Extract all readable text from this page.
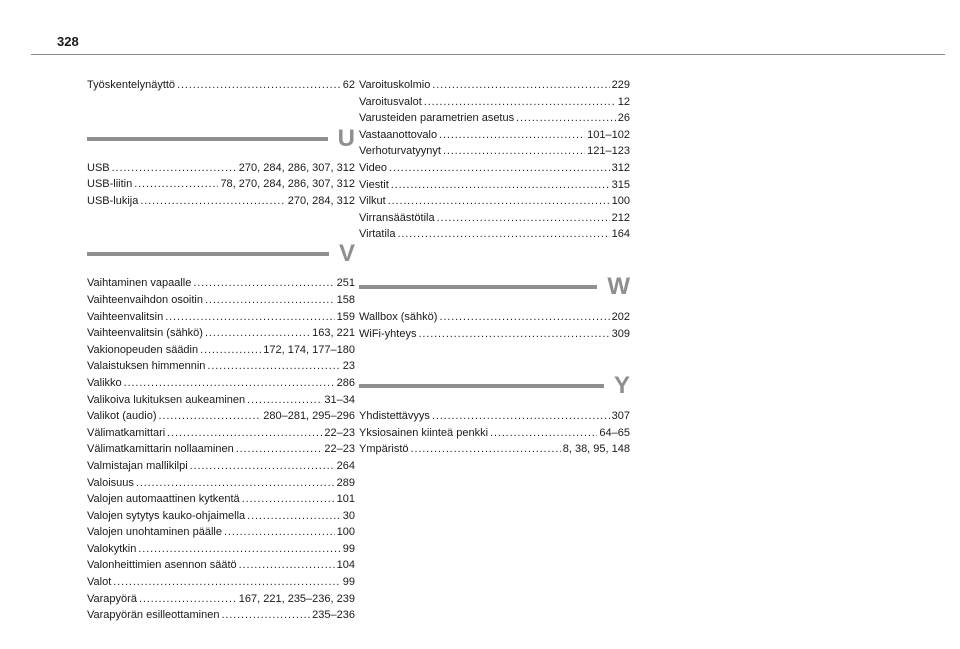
328
Työskentelynäyttö . . .	62
U
USB . . .	270, 284, 286, 307, 312
USB-liitin . . .	78, 270, 284, 286, 307, 312
USB-lukija . . .	270, 284, 312
V
Vaihtaminen vapaalle . . .	251
Vaihteenvaihdon osoitin . . .	158
Vaihteenvalitsin . . .	159
Vaihteenvalitsin (sähkö) . . .	163, 221
Vakionopeuden säädin . . .	172, 174, 177–180
Valaistuksen himmennin . . .	23
Valikko . . .	286
Valikoiva lukituksen aukeaminen . . .	31–34
Valikot (audio) . . .	280–281, 295–296
Välimatkamittari . . .	22–23
Välimatkamittarin nollaaminen . . .	22–23
Valmistajan mallikilpi . . .	264
Valoisuus . . .	289
Valojen automaattinen kytkentä . . .	101
Valojen sytytys kauko-ohjaimella . . .	30
Valojen unohtaminen päälle . . .	100
Valokytkin . . .	99
Valonheittimien asennon säätö . . .	104
Valot . . .	99
Varapyörä . . .	167, 221, 235–236, 239
Varapyörän esilleottaminen . . .	235–236
Varoituskolmio . . .	229
Varoitusvalot . . .	12
Varusteiden parametrien asetus . . .	26
Vastaanottovalo . . .	101–102
Verhoturvatyynyt . . .	121–123
Video . . .	312
Viestit . . .	315
Vilkut . . .	100
Virransäästötila . . .	212
Virtatila . . .	164
W
Wallbox (sähkö) . . .	202
WiFi-yhteys . . .	309
Y
Yhdistettävyys . . .	307
Yksiosainen kiinteä penkki . . .	64–65
Ympäristö . . .	8, 38, 95, 148
